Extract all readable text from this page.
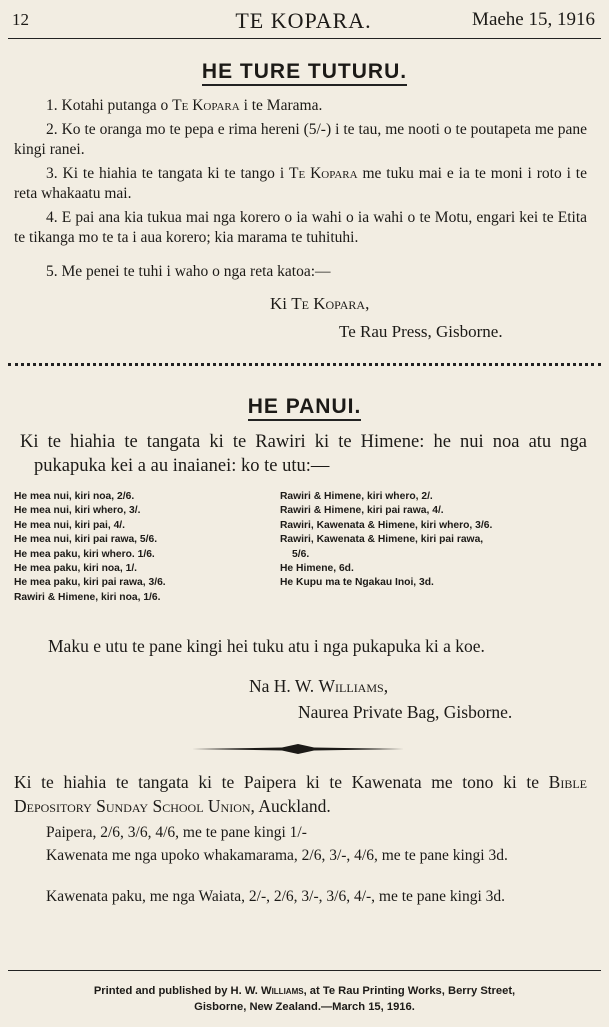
12	TE KOPARA.	Maehe 15, 1916
HE TURE TUTURU.
1. Kotahi putanga o Te Kopara i te Marama.
2. Ko te oranga mo te pepa e rima hereni (5/-) i te tau, me nooti o te poutapeta me pane kingi ranei.
3. Ki te hiahia te tangata ki te tango i Te Kopara me tuku mai e ia te moni i roto i te reta whakaatu mai.
4. E pai ana kia tukua mai nga korero o ia wahi o ia wahi o te Motu, engari kei te Etita te tikanga mo te ta i aua korero; kia marama te tuhituhi.
5. Me penei te tuhi i waho o nga reta katoa:—
Ki Te Kopara,
Te Rau Press, Gisborne.
HE PANUI.
Ki te hiahia te tangata ki te Rawiri ki te Himene: he nui noa atu nga pukapuka kei a au inaianei: ko te utu:—
He mea nui, kiri noa, 2/6.
He mea nui, kiri whero, 3/.
He mea nui, kiri pai, 4/.
He mea nui, kiri pai rawa, 5/6.
He mea paku, kiri whero. 1/6.
He mea paku, kiri noa, 1/.
He mea paku, kiri pai rawa, 3/6.
Rawiri & Himene, kiri noa, 1/6.
Rawiri & Himene, kiri whero, 2/.
Rawiri & Himene, kiri pai rawa, 4/.
Rawiri, Kawenata & Himene, kiri whero, 3/6.
Rawiri, Kawenata & Himene, kiri pai rawa,
5/6.
He Himene, 6d.
He Kupu ma te Ngakau Inoi, 3d.
Maku e utu te pane kingi hei tuku atu i nga pukapuka ki a koe.
Na H. W. Williams,
Naurea Private Bag, Gisborne.
Ki te hiahia te tangata ki te Paipera ki te Kawenata me tono ki te Bible Depository Sunday School Union, Auckland.
Paipera, 2/6, 3/6, 4/6, me te pane kingi 1/-
Kawenata me nga upoko whakamarama, 2/6, 3/-, 4/6, me te pane kingi 3d.
Kawenata paku, me nga Waiata, 2/-, 2/6, 3/-, 3/6, 4/-, me te pane kingi 3d.
Printed and published by H. W. Williams, at Te Rau Printing Works, Berry Street,
Gisborne, New Zealand.—March 15, 1916.
